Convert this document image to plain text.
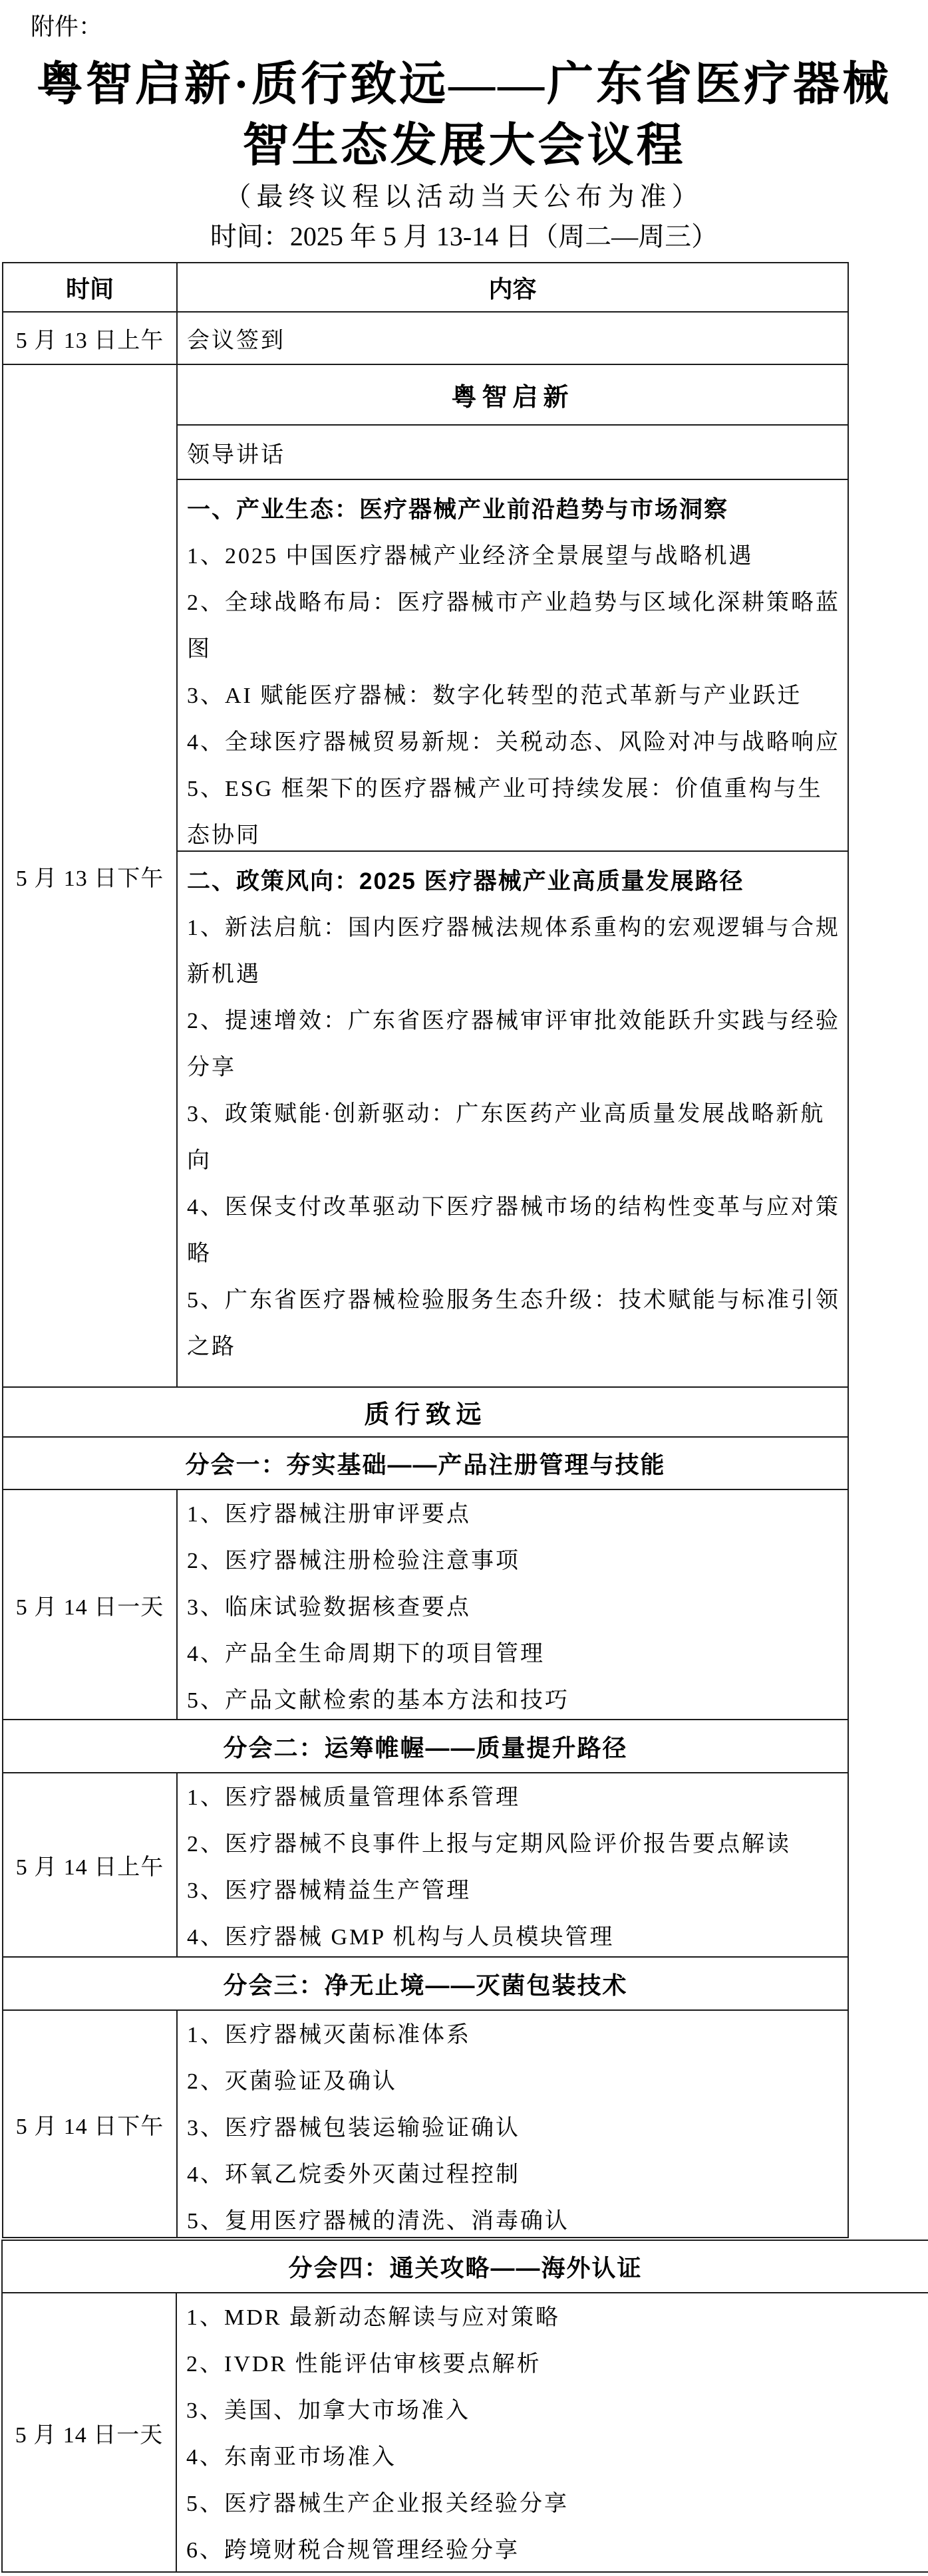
附件：
粤智启新·质行致远——广东省医疗器械
智生态发展大会议程
（最终议程以活动当天公布为准）
时间：2025 年 5 月 13-14 日（周二—周三）
时间	内容
5 月 13 日上午	会议签到
5 月 13 日下午
粤智启新
领导讲话
一、产业生态：医疗器械产业前沿趋势与市场洞察
1、2025 中国医疗器械产业经济全景展望与战略机遇
2、全球战略布局：医疗器械市产业趋势与区域化深耕策略蓝图
3、AI 赋能医疗器械：数字化转型的范式革新与产业跃迁
4、全球医疗器械贸易新规：关税动态、风险对冲与战略响应
5、ESG 框架下的医疗器械产业可持续发展：价值重构与生态协同
二、政策风向：2025 医疗器械产业高质量发展路径
1、新法启航：国内医疗器械法规体系重构的宏观逻辑与合规新机遇
2、提速增效：广东省医疗器械审评审批效能跃升实践与经验分享
3、政策赋能·创新驱动：广东医药产业高质量发展战略新航向
4、医保支付改革驱动下医疗器械市场的结构性变革与应对策略
5、广东省医疗器械检验服务生态升级：技术赋能与标准引领之路
质行致远
分会一：夯实基础——产品注册管理与技能
5 月 14 日一天
1、医疗器械注册审评要点
2、医疗器械注册检验注意事项
3、临床试验数据核查要点
4、产品全生命周期下的项目管理
5、产品文献检索的基本方法和技巧
分会二：运筹帷幄——质量提升路径
5 月 14 日上午
1、医疗器械质量管理体系管理
2、医疗器械不良事件上报与定期风险评价报告要点解读
3、医疗器械精益生产管理
4、医疗器械 GMP 机构与人员模块管理
分会三：净无止境——灭菌包装技术
5 月 14 日下午
1、医疗器械灭菌标准体系
2、灭菌验证及确认
3、医疗器械包装运输验证确认
4、环氧乙烷委外灭菌过程控制
5、复用医疗器械的清洗、消毒确认
分会四：通关攻略——海外认证
5 月 14 日一天
1、MDR 最新动态解读与应对策略
2、IVDR 性能评估审核要点解析
3、美国、加拿大市场准入
4、东南亚市场准入
5、医疗器械生产企业报关经验分享
6、跨境财税合规管理经验分享
